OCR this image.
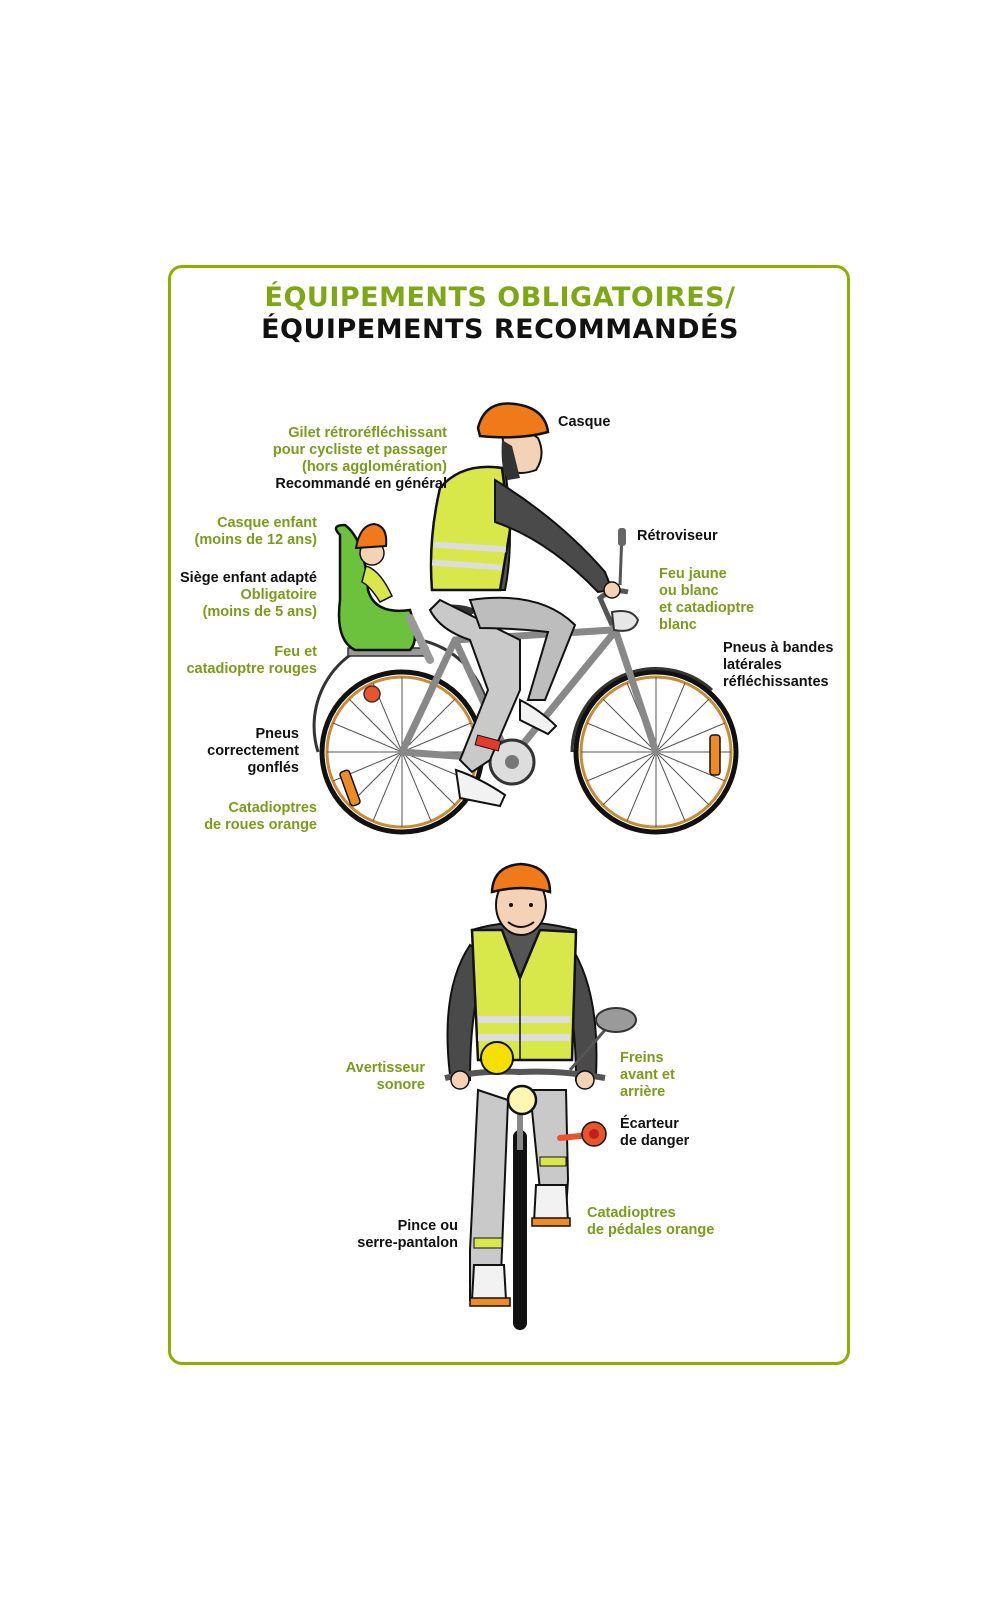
ÉQUIPEMENTS OBLIGATOIRES/
ÉQUIPEMENTS RECOMMANDÉS
Gilet rétroréfléchissant
pour cycliste et passager
(hors agglomération)
Recommandé en général
Casque
Casque enfant
(moins de 12 ans)
Siège enfant adapté
Obligatoire
(moins de 5 ans)
Feu et
catadioptre rouges
Pneus
correctement
gonflés
Catadioptres
de roues orange
Rétroviseur
Feu jaune
ou blanc
et catadioptre
blanc
Pneus à bandes
latérales
réfléchissantes
Avertisseur
sonore
Freins
avant et
arrière
Écarteur
de danger
Pince ou
serre-pantalon
Catadioptres
de pédales orange
